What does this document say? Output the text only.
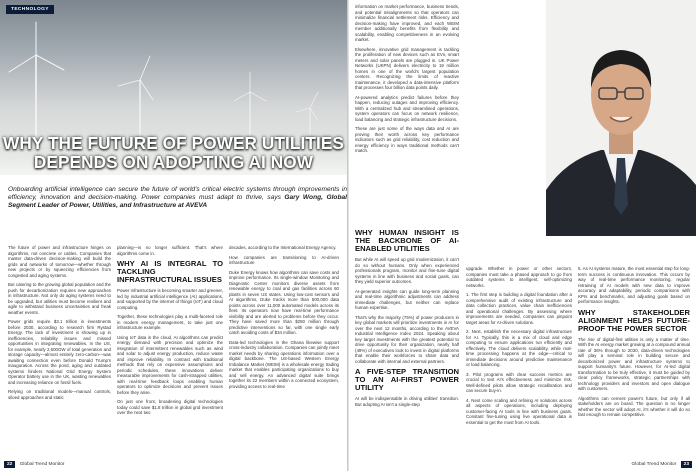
TECHNOLOGY
WHY THE FUTURE OF POWER UTILITIES DEPENDS ON ADOPTING AI NOW
Onboarding artificial intelligence can secure the future of world's critical electric systems through improvements in efficiency, innovation and decision-making. Power companies must adapt to thrive, says Gary Wong, Global Segment Leader of Power, Utilities, and Infrastructure at AVEVA

The future of power and infrastructure hinges on algorithms, not concrete or cables. Companies that master data-driven decision-making will build the grids and networks of tomorrow—whether through new projects or by squeezing efficiencies from congested and aging systems.

But catering to the growing global population and the push for decarbonization requires new approaches in infrastructure. Not only do aging systems need to be upgraded, but utilities must become resilient and agile to withstand business uncertainties and freak weather events.

Power grids require $3.1 trillion in investments before 2030, according to research firm Rystad Energy. The lack of investment is showing up in inefficiencies, reliability issues and missed opportunities in integrating renewables. In the US, for example, nearly 2,600GW of total generation and storage capacity—almost entirely zero-carbon—was awaiting connection even before Donald Trump's inauguration. Across the pond, aging and outdated systems hinders National Grid Energy System Operator battery use in the UK, wasting renewables and increasing reliance on fossil fuels.

Relying on traditional models—manual controls, siloed approaches and static

planning—is no longer sufficient. That's where algorithms come in.

WHY AI IS INTEGRAL TO TACKLING INFRASTRUCTURAL ISSUES

Power infrastructure is becoming smarter and greener, led by industrial artificial intelligence (AI) applications, and supported by the internet of things (IoT) and cloud computing.

Together, these technologies play a multi-faceted role in modern energy management, to take just one infrastructure example.

Using IoT data in the cloud, AI algorithms can predict energy demand with precision and optimize the integration of intermittent renewables such as wind and solar to adjust energy production, reduce waste and improve reliability. In contrast with traditional methods that rely on expensive assumptions and periodic schedules, these innovations deliver measurable improvements for cash-strapped utilities, with real-time feedback loops enabling human operators to optimize decisions and prevent issues before they arise.

On just one front, broadening digital technologies today could save $1.8 trillion in global grid investment over the next two

decades, according to the International Energy Agency.

How companies are transitioning to AI-driven infrastructure

Duke Energy knows how algorithms can save costs and improve performance. Its single-window Monitoring and Diagnostic Center monitors diverse assets from renewable energy to coal and gas facilities across 60 plants in seven US states. Using low-cost sensors and AI algorithms, Duke tracks more than 500,000 data points across over 11,000 automated models across its fleet. Its operators now have real-time performance visibility and are alerted to problems before they occur. They have saved more than $250 million through predictive interventions so far, with one single early catch avoiding costs of $34 million.

Data-led technologies in the Ghana likewise support cross-industry collaboration. Companies can jointly meet market needs by sharing operations information over a digital backbone. The US-based Western Energy Imbalance Market (WEIM) is a wholesale energy trading market that enables participating organizations to buy and sell energy. An advanced digital suite brings together its 22 members within a connected ecosystem, providing access to real-time

22 Global Trend Monitor

information on market performance, business trends, and potential misalignments so that operators can minimalize financial settlement risks. Efficiency and decision-making have improved, and each WEIM member additionally benefits from flexibility and scalability, enabling competitiveness in an evolving market.

Elsewhere, innovative grid management is tackling the proliferation of new devices such as EVs, smart meters and solar panels are plugged in. UK Power Networks (UKPN) delivers electricity to 19 million homes in one of the world's largest population centers. Recognizing the limits of reactive maintenance, it developed a data-intensive platform that processes four billion data points daily.

AI-powered analytics predict failures before they happen, reducing outages and improving efficiency. With a centralized hub and streamlined operations, system operators can focus on network resilience, load balancing and strategic infrastructure decisions.

These are just some of the ways data and AI are proving their worth across key performance indicators such as grid reliability, cost reduction and energy efficiency in ways traditional methods can't match.

WHY HUMAN INSIGHT IS THE BACKBONE OF AI-ENABLED UTILITIES

But while AI will speed up grid modernization, it can't do so without humans. Only when experienced professionals program, monitor and fine-tune digital systems in line with business and social goals, can they yield superior outcomes.

AI-generated insights can guide long-term planning and real-time algorithmic adjustments can address immediate challenges, but neither can replace human expertise.

That's why the majority (75%) of power producers in key global markets will prioritize investments in AI for over the next 12 months, according to the AVEVA Industrial Intelligence Index 2024. Speaking about key target investments with the greatest potential to drive opportunity for their organization, nearly half (49%) of executives look to invest in digital platforms that enable their workforces to share data and collaborate with internal and external partners.

A FIVE-STEP TRANSITION TO AN AI-FIRST POWER UTILITY

AI will be indispensable in driving utilities' transition. But adopting AI isn't a single-step

upgrade. Whether in power or other sectors, companies must take a phased approach to go from outdated systems to intelligent, self-optimizing networks.

1. The first step is building a digital foundation after a comprehensive audit of existing infrastructure and data collection practices, value chain inefficiencies and operational challenges. By assessing where improvements are needed, companies can pinpoint target areas for AI-driven solutions.

2. Next, establish the necessary digital infrastructure for AI. Typically, this is a mix of cloud and edge computing to ensure applications run efficiently and effectively. The cloud delivers scalability, while real-time processing happens at the edge—critical to immediate decisions around predictive maintenance or load balancing.

3. Pilot programs with clear success metrics are crucial to test AI's effectiveness and minimize risk. Well-defined pilots allow strategic recalibration and can secure buy-in.

4. Next come scaling and refining AI solutions across all aspects of operations, including deploying customer-facing AI tools in line with business goals. Constant fine-tuning using live operational data is essential to get the most from AI tools.

5. As AI systems mature, the most essential step for long-term success is continuous innovation. This occurs by way of real-time performance monitoring, regular retraining of AI models with new data to improve accuracy and adaptability, periodic comparisons with KPIs and benchmarks, and adjusting goals based on performance insights.

WHY STAKEHOLDER ALIGNMENT HELPS FUTURE-PROOF THE POWER SECTOR

The rise of digital-first utilities is only a matter of time. With the AI energy market growing at a compound annual rate of 36% through to 2030, data-driven technologies will play a seminal role in building secure and decarbonized power and infrastructure systems to support humanity's future. However, for AI-led digital transformation to be truly effective, it must be guided by clear policy frameworks, strategic partnerships with technology providers and investors and open dialogue with customers.

Algorithms can cement power's future, but only if all stakeholders are on board. The question is no longer whether the sector will adopt AI, it's whether it will do so fast enough to remain competitive.

Global Trend Monitor 23
